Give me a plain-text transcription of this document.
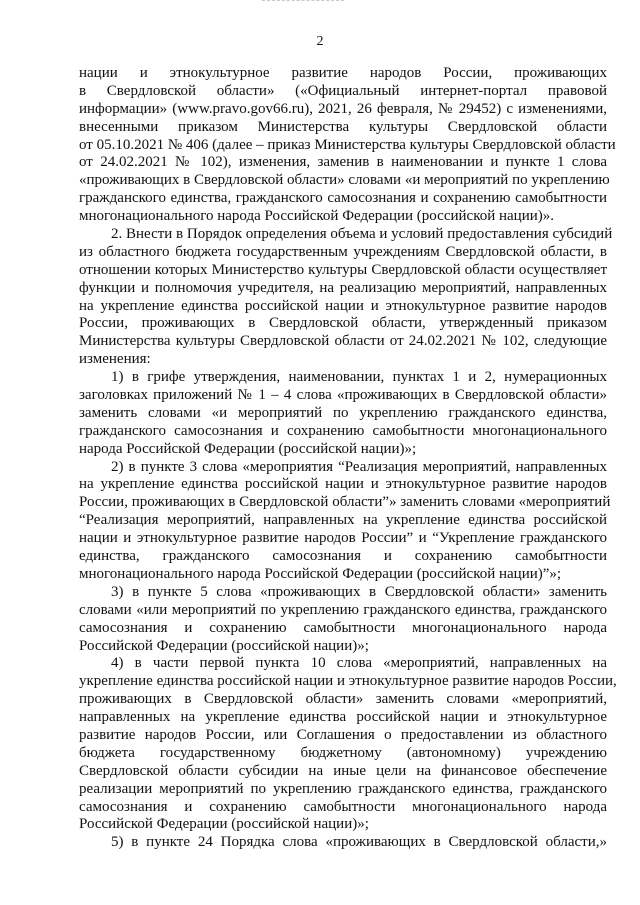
2
нации и этнокультурное развитие народов России, проживающих
в Свердловской области» («Официальный интернет-портал правовой
информации» (www.pravo.gov66.ru), 2021, 26 февраля, № 29452) с изменениями,
внесенными приказом Министерства культуры Свердловской области
от 05.10.2021 № 406 (далее – приказ Министерства культуры Свердловской области
от 24.02.2021 № 102), изменения, заменив в наименовании и пункте 1 слова
«проживающих в Свердловской области» словами «и мероприятий по укреплению
гражданского единства, гражданского самосознания и сохранению самобытности
многонационального народа Российской Федерации (российской нации)».
2. Внести в Порядок определения объема и условий предоставления субсидий
из областного бюджета государственным учреждениям Свердловской области, в
отношении которых Министерство культуры Свердловской области осуществляет
функции и полномочия учредителя, на реализацию мероприятий, направленных
на укрепление единства российской нации и этнокультурное развитие народов
России, проживающих в Свердловской области, утвержденный приказом
Министерства культуры Свердловской области от 24.02.2021 № 102, следующие
изменения:
1) в грифе утверждения, наименовании, пунктах 1 и 2, нумерационных
заголовках приложений № 1 – 4 слова «проживающих в Свердловской области»
заменить словами «и мероприятий по укреплению гражданского единства,
гражданского самосознания и сохранению самобытности многонационального
народа Российской Федерации (российской нации)»;
2) в пункте 3 слова «мероприятия “Реализация мероприятий, направленных
на укрепление единства российской нации и этнокультурное развитие народов
России, проживающих в Свердловской области”» заменить словами «мероприятий
“Реализация мероприятий, направленных на укрепление единства российской
нации и этнокультурное развитие народов России” и “Укрепление гражданского
единства, гражданского самосознания и сохранению самобытности
многонационального народа Российской Федерации (российской нации)”»;
3) в пункте 5 слова «проживающих в Свердловской области» заменить
словами «или мероприятий по укреплению гражданского единства, гражданского
самосознания и сохранению самобытности многонационального народа
Российской Федерации (российской нации)»;
4) в части первой пункта 10 слова «мероприятий, направленных на
укрепление единства российской нации и этнокультурное развитие народов России,
проживающих в Свердловской области» заменить словами «мероприятий,
направленных на укрепление единства российской нации и этнокультурное
развитие народов России, или Соглашения о предоставлении из областного
бюджета государственному бюджетному (автономному) учреждению
Свердловской области субсидии на иные цели на финансовое обеспечение
реализации мероприятий по укреплению гражданского единства, гражданского
самосознания и сохранению самобытности многонационального народа
Российской Федерации (российской нации)»;
5) в пункте 24 Порядка слова «проживающих в Свердловской области,»
